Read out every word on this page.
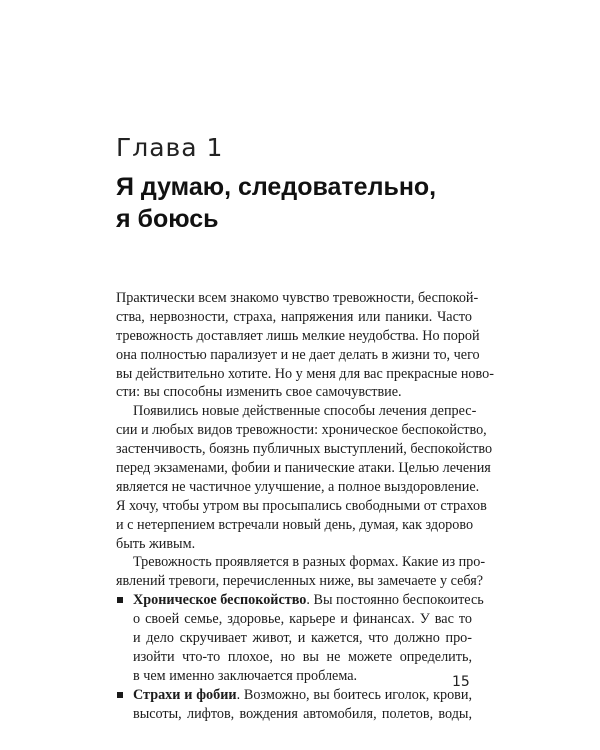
Глава 1
Я думаю, следовательно,
я боюсь
Практически всем знакомо чувство тревожности, беспокой-
ства, нервозности, страха, напряжения или паники. Часто
тревожность доставляет лишь мелкие неудобства. Но порой
она полностью парализует и не дает делать в жизни то, чего
вы действительно хотите. Но у меня для вас прекрасные ново-
сти: вы способны изменить свое самочувствие.
Появились новые действенные способы лечения депрес-
сии и любых видов тревожности: хроническое беспокойство,
застенчивость, боязнь публичных выступлений, беспокойство
перед экзаменами, фобии и панические атаки. Целью лечения
является не частичное улучшение, а полное выздоровление.
Я хочу, чтобы утром вы просыпались свободными от страхов
и с нетерпением встречали новый день, думая, как здорово
быть живым.
Тревожность проявляется в разных формах. Какие из про-
явлений тревоги, перечисленных ниже, вы замечаете у себя?
Хроническое беспокойство. Вы постоянно беспокоитесь
о своей семье, здоровье, карьере и финансах. У вас то
и дело скручивает живот, и кажется, что должно про-
изойти что-то плохое, но вы не можете определить,
в чем именно заключается проблема.
Страхи и фобии. Возможно, вы боитесь иголок, крови,
высоты, лифтов, вождения автомобиля, полетов, воды,
15
